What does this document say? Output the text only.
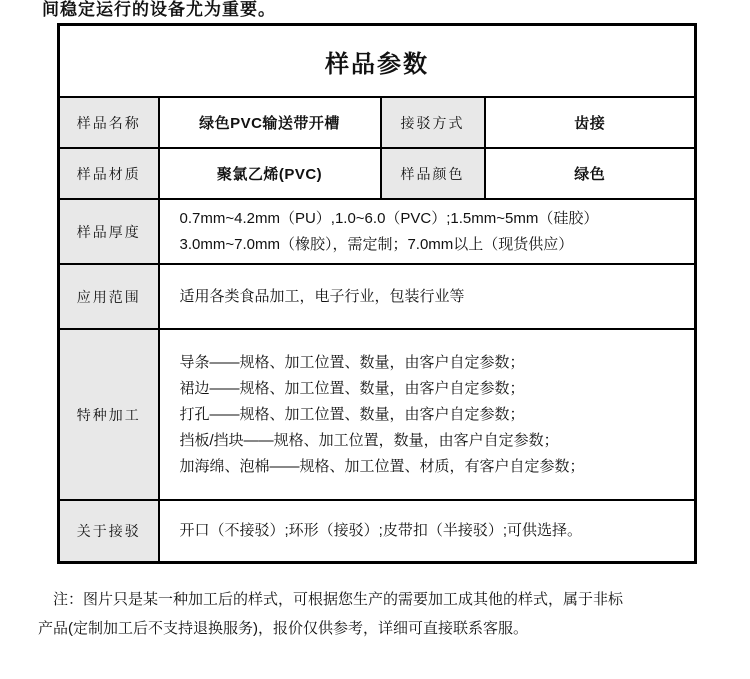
间稳定运行的设备尤为重要。
样品参数			
样品名称	绿色PVC输送带开槽	接驳方式	齿接
样品材质	聚氯乙烯(PVC)	样品颜色	绿色
样品厚度	0.7mm~4.2mm（PU）,1.0~6.0（PVC）;1.5mm~5mm（硅胶）
3.0mm~7.0mm（橡胶），需定制；7.0mm以上（现货供应）		

应用范围	适用各类食品加工，电子行业，包装行业等		

特种加工	导条——规格、加工位置、数量，由客户自定参数；
裙边——规格、加工位置、数量，由客户自定参数；
打孔——规格、加工位置、数量，由客户自定参数；
挡板/挡块——规格、加工位置，数量，由客户自定参数；
加海绵、泡棉——规格、加工位置、材质，有客户自定参数；		

关于接驳	开口（不接驳）;环形（接驳）;皮带扣（半接驳）;可供选择。		
注：图片只是某一种加工后的样式，可根据您生产的需要加工成其他的样式，属于非标
产品(定制加工后不支持退换服务)，报价仅供参考，详细可直接联系客服。
